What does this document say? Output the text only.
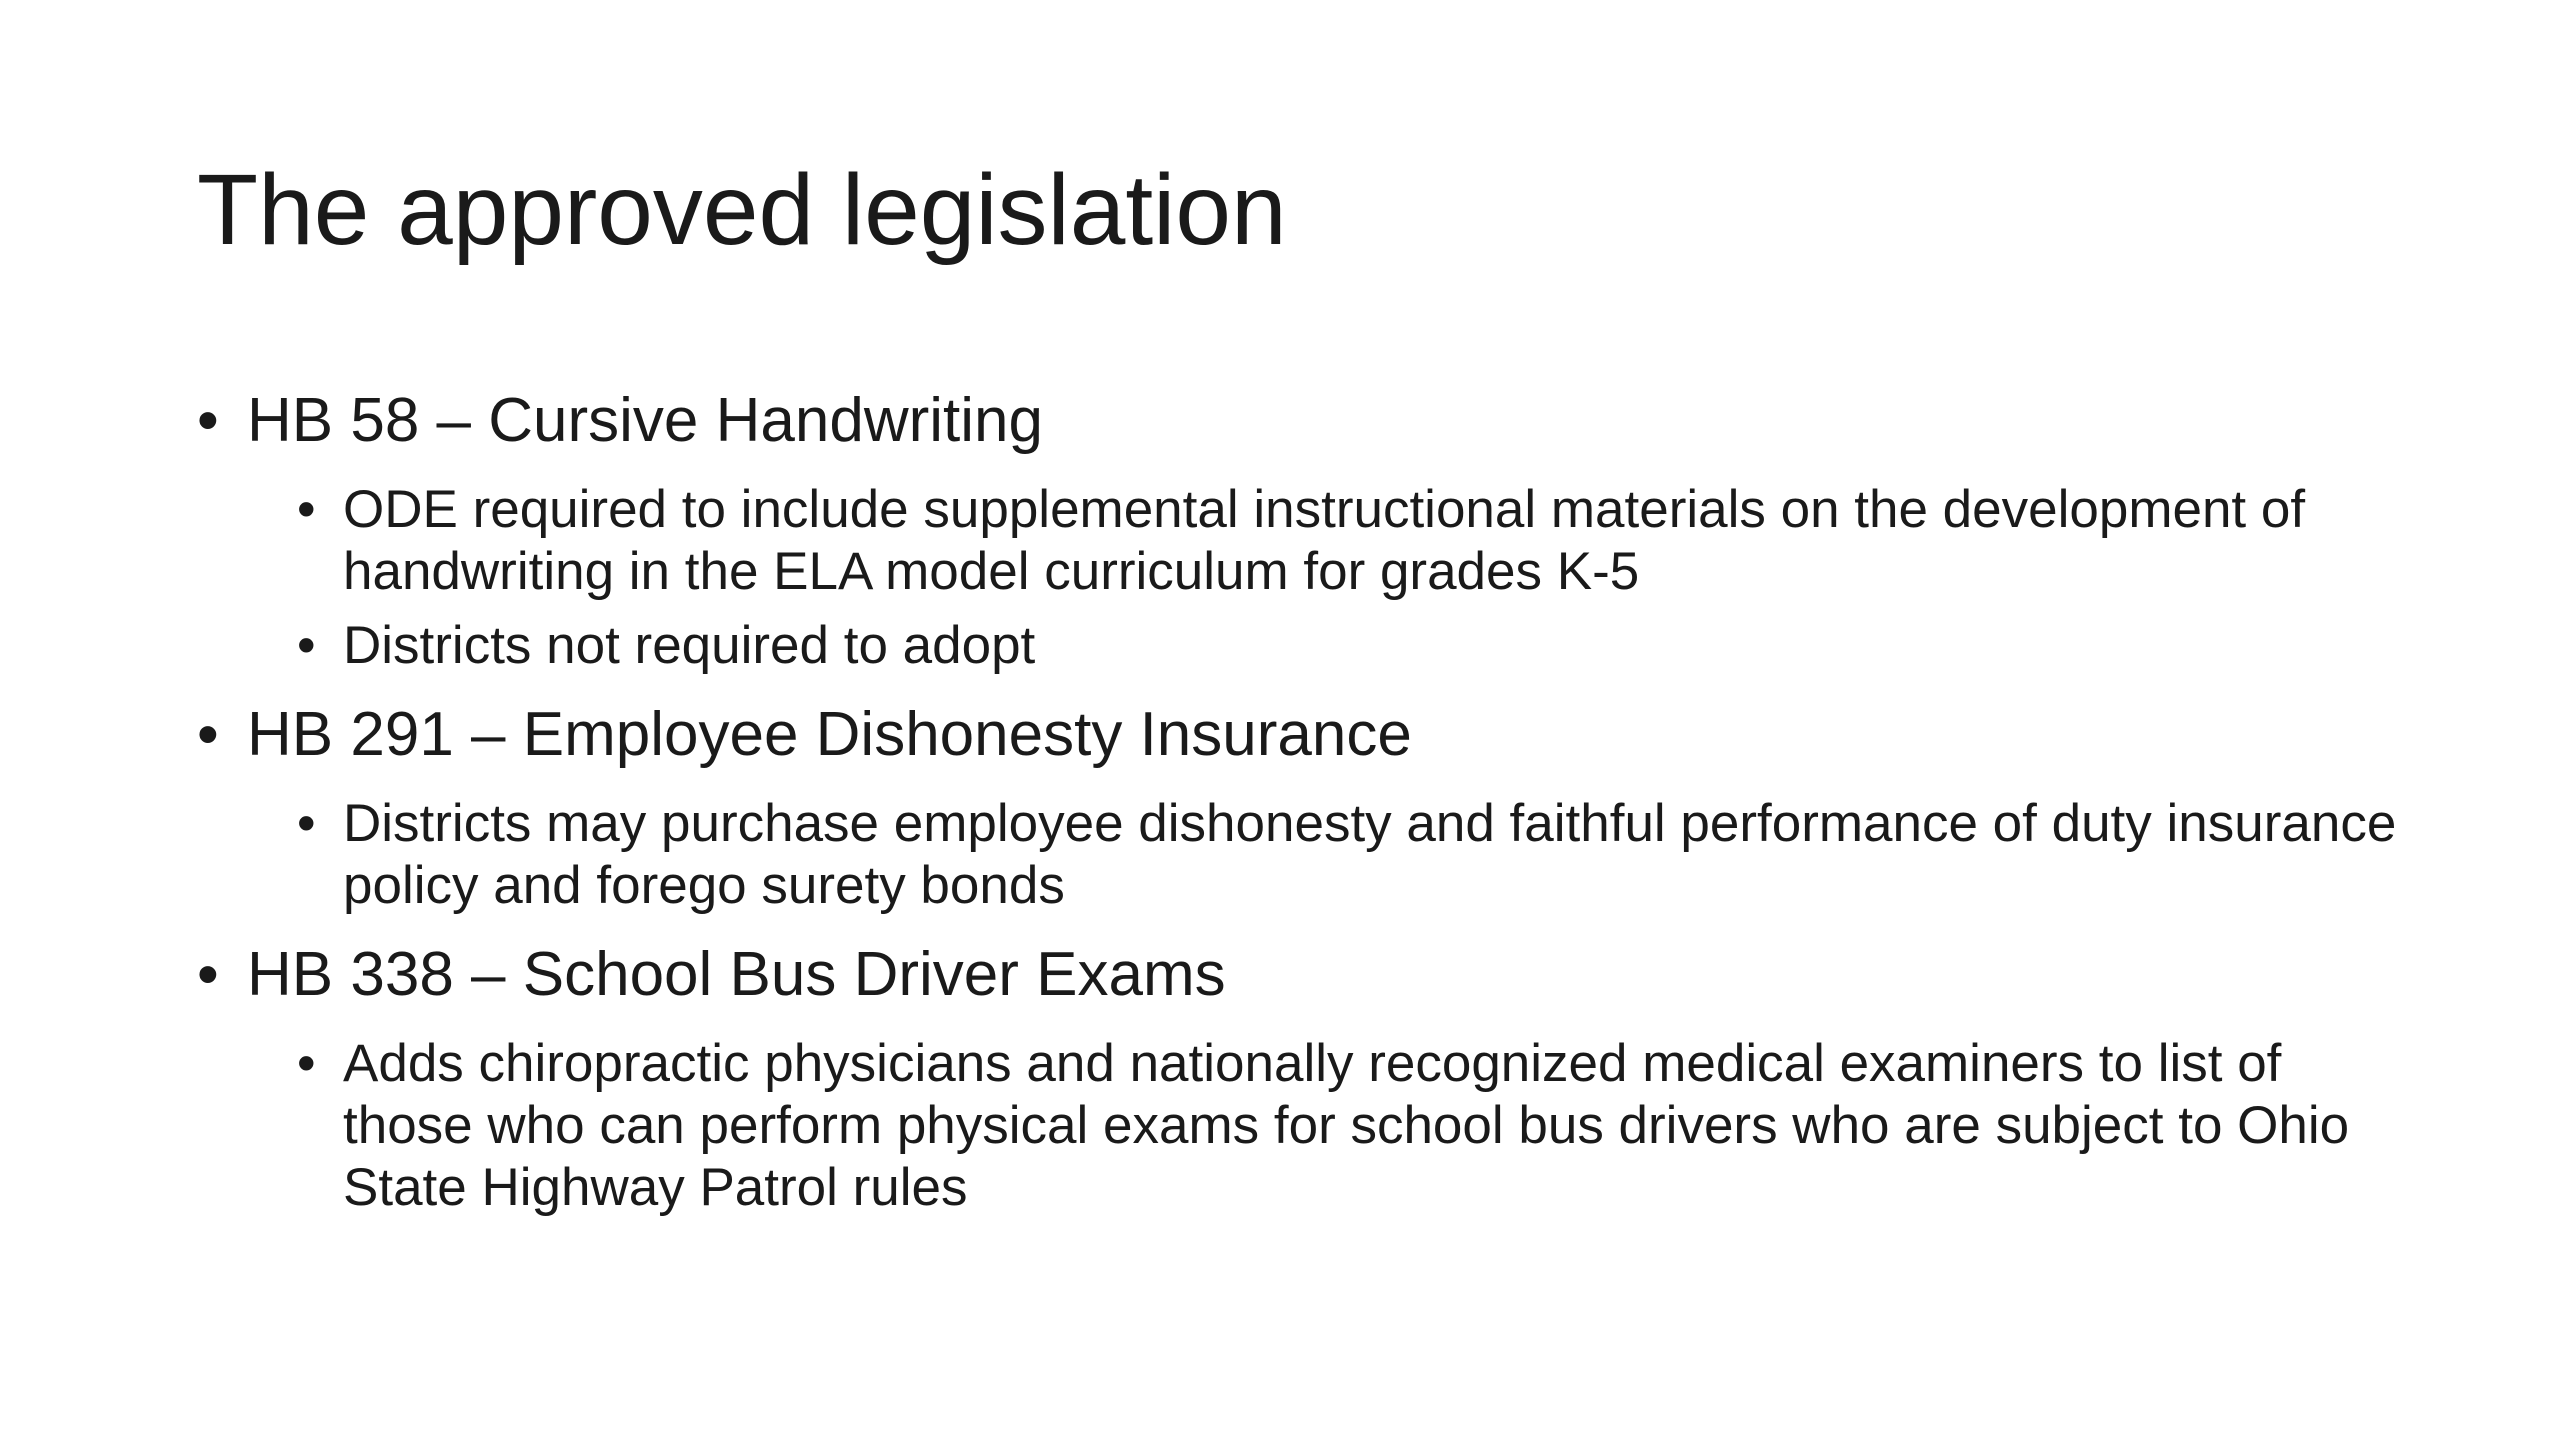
The approved legislation
• HB 58 – Cursive Handwriting
• ODE required to include supplemental instructional materials on the development of handwriting in the ELA model curriculum for grades K-5
• Districts not required to adopt
• HB 291 – Employee Dishonesty Insurance
• Districts may purchase employee dishonesty and faithful performance of duty insurance policy and forego surety bonds
• HB 338 – School Bus Driver Exams
• Adds chiropractic physicians and nationally recognized medical examiners to list of those who can perform physical exams for school bus drivers who are subject to Ohio State Highway Patrol rules
